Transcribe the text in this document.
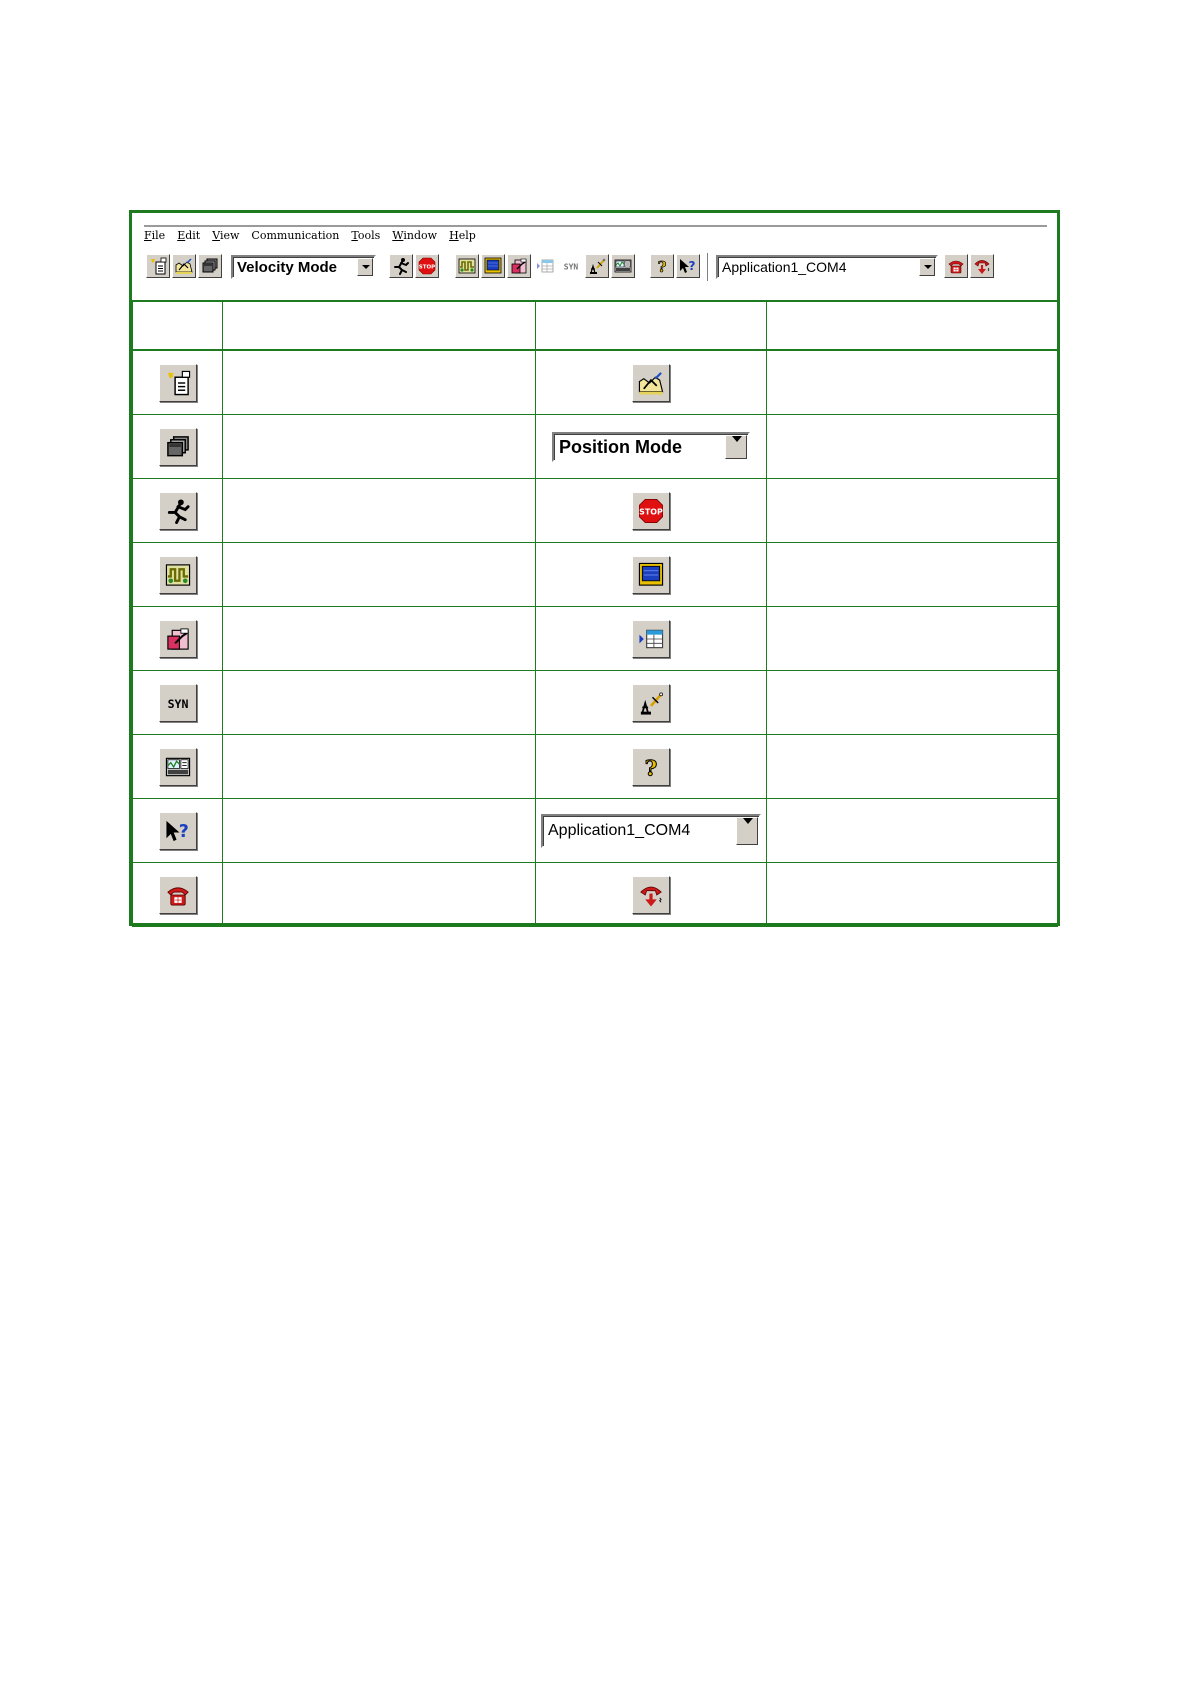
File Edit View Communication Tools Window Help
Velocity Mode	Application1_COM4

Position Mode	

Application1_COM4	
